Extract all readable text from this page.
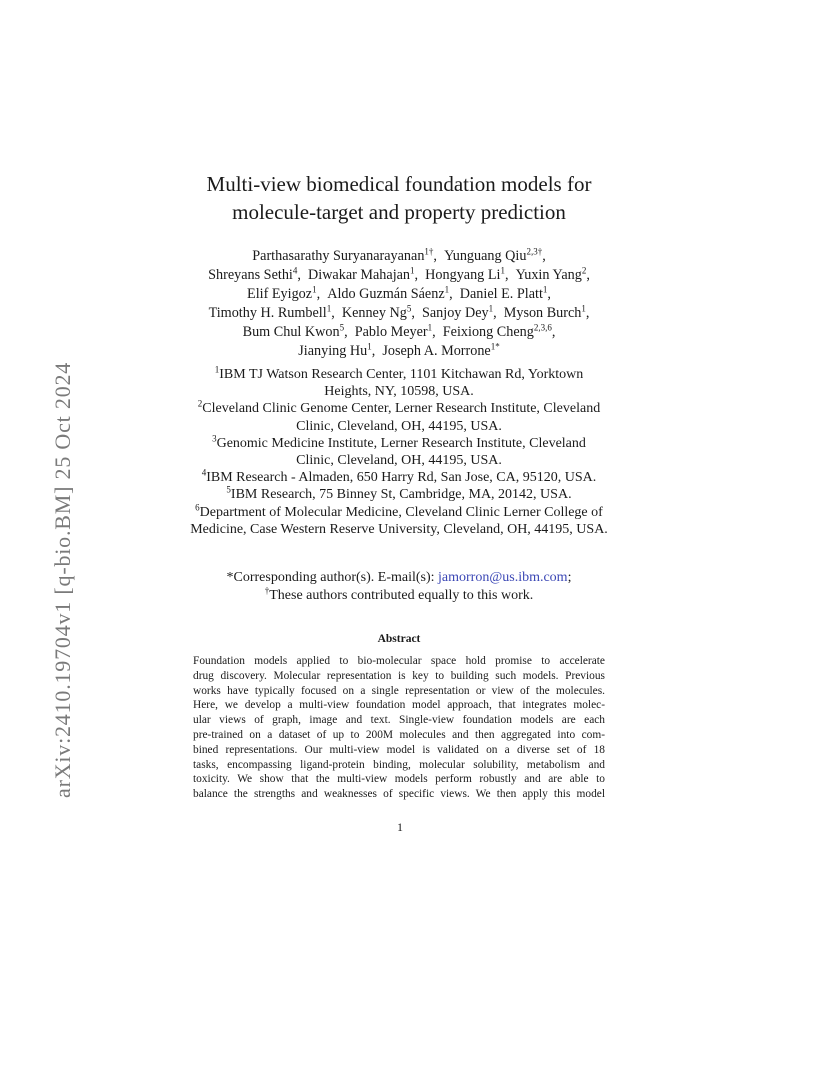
arXiv:2410.19704v1 [q-bio.BM] 25 Oct 2024
Multi-view biomedical foundation models for
molecule-target and property prediction
Parthasarathy Suryanarayanan$^{1\dagger}$, Yunguang Qiu$^{2,3\dagger}$,
Shreyans Sethi$^4$, Diwakar Mahajan$^1$, Hongyang Li$^1$, Yuxin Yang$^2$,
Elif Eyigoz$^1$, Aldo Guzmán Sáenz$^1$, Daniel E. Platt$^1$,
Timothy H. Rumbell$^1$, Kenney Ng$^5$, Sanjoy Dey$^1$, Myson Burch$^1$,
Bum Chul Kwon$^5$, Pablo Meyer$^1$, Feixiong Cheng$^{2,3,6}$,
Jianying Hu$^1$, Joseph A. Morrone$^{1*}$
$^1$IBM TJ Watson Research Center, 1101 Kitchawan Rd, Yorktown
Heights, NY, 10598, USA.
$^2$Cleveland Clinic Genome Center, Lerner Research Institute, Cleveland
Clinic, Cleveland, OH, 44195, USA.
$^3$Genomic Medicine Institute, Lerner Research Institute, Cleveland
Clinic, Cleveland, OH, 44195, USA.
$^4$IBM Research - Almaden, 650 Harry Rd, San Jose, CA, 95120, USA.
$^5$IBM Research, 75 Binney St, Cambridge, MA, 20142, USA.
$^6$Department of Molecular Medicine, Cleveland Clinic Lerner College of
Medicine, Case Western Reserve University, Cleveland, OH, 44195, USA.
*Corresponding author(s). E-mail(s): jamorron@us.ibm.com;
†These authors contributed equally to this work.
Abstract
Foundation models applied to bio-molecular space hold promise to accelerate
drug discovery. Molecular representation is key to building such models. Previous
works have typically focused on a single representation or view of the molecules.
Here, we develop a multi-view foundation model approach, that integrates molec-
ular views of graph, image and text. Single-view foundation models are each
pre-trained on a dataset of up to 200M molecules and then aggregated into com-
bined representations. Our multi-view model is validated on a diverse set of 18
tasks, encompassing ligand-protein binding, molecular solubility, metabolism and
toxicity. We show that the multi-view models perform robustly and are able to
balance the strengths and weaknesses of specific views. We then apply this model
1
